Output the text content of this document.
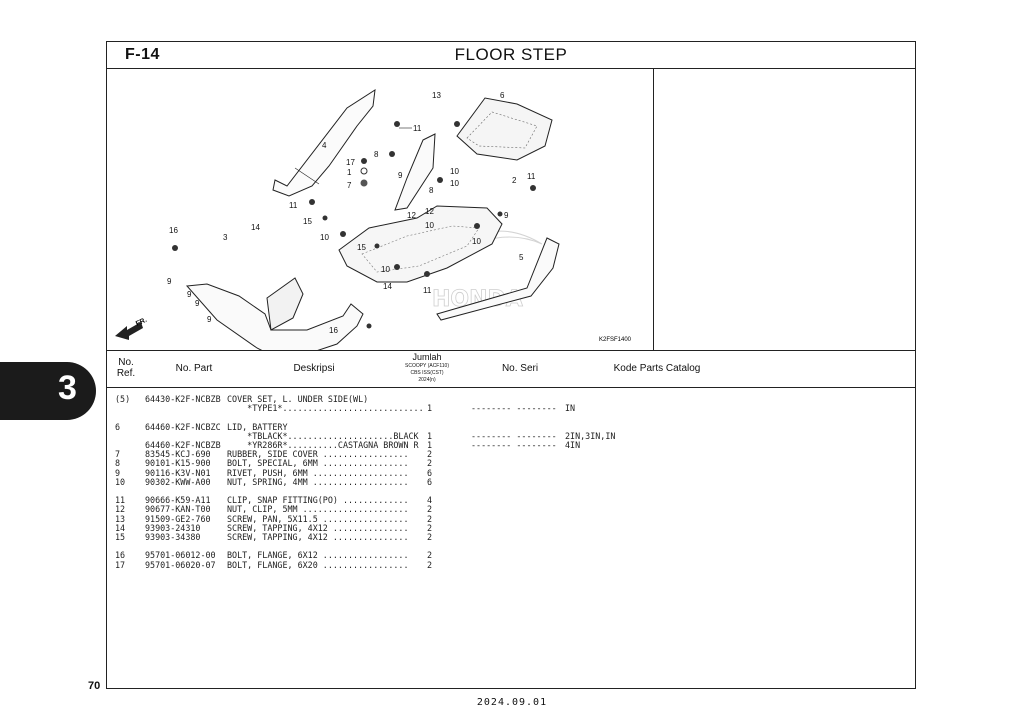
3
70
F-14	FLOOR STEP
HONDA
4
11
13	6
9
8
17
1
7
8
10
10	2 11
11
10
12 12	9
10
15
14
10
15
10
5
11
14
16
3
9
9
9
9
16
FR.
K2FSF1400
No.
Ref.	No. Part	Deskripsi
Jumlah
SCOOPY (ACF110)
CBS ISS(CST)
2024(n)
No. Seri	Kode Parts Catalog
(5) 64430-K2F-NCBZB COVER SET, L. UNDER SIDE(WL)
*TYPE1*............................ 1	-------- -------- IN
6	64460-K2F-NCBZC LID, BATTERY
*TBLACK*.....................BLACK 1	-------- -------- 2IN,3IN,IN
64460-K2F-NCBZB *YR286R*..........CASTAGNA BROWN R 1	-------- -------- 4IN
7	83545-KCJ-690 RUBBER, SIDE COVER ................. 2
8	90101-K15-900 BOLT, SPECIAL, 6MM ................. 2
9	90116-K3V-N01 RIVET, PUSH, 6MM ................... 6
10 90302-KWW-A00 NUT, SPRING, 4MM ................... 6
11 90666-K59-A11 CLIP, SNAP FITTING(PO) ............. 4
12 90677-KAN-T00 NUT, CLIP, 5MM ..................... 2
13 91509-GE2-760 SCREW, PAN, 5X11.5 ................. 2
14 93903-24310	SCREW, TAPPING, 4X12 ............... 2
15 93903-34380	SCREW, TAPPING, 4X12 ............... 2
16 95701-06012-00 BOLT, FLANGE, 6X12 ................. 2
17 95701-06020-07 BOLT, FLANGE, 6X20 ................. 2
2024.09.01
